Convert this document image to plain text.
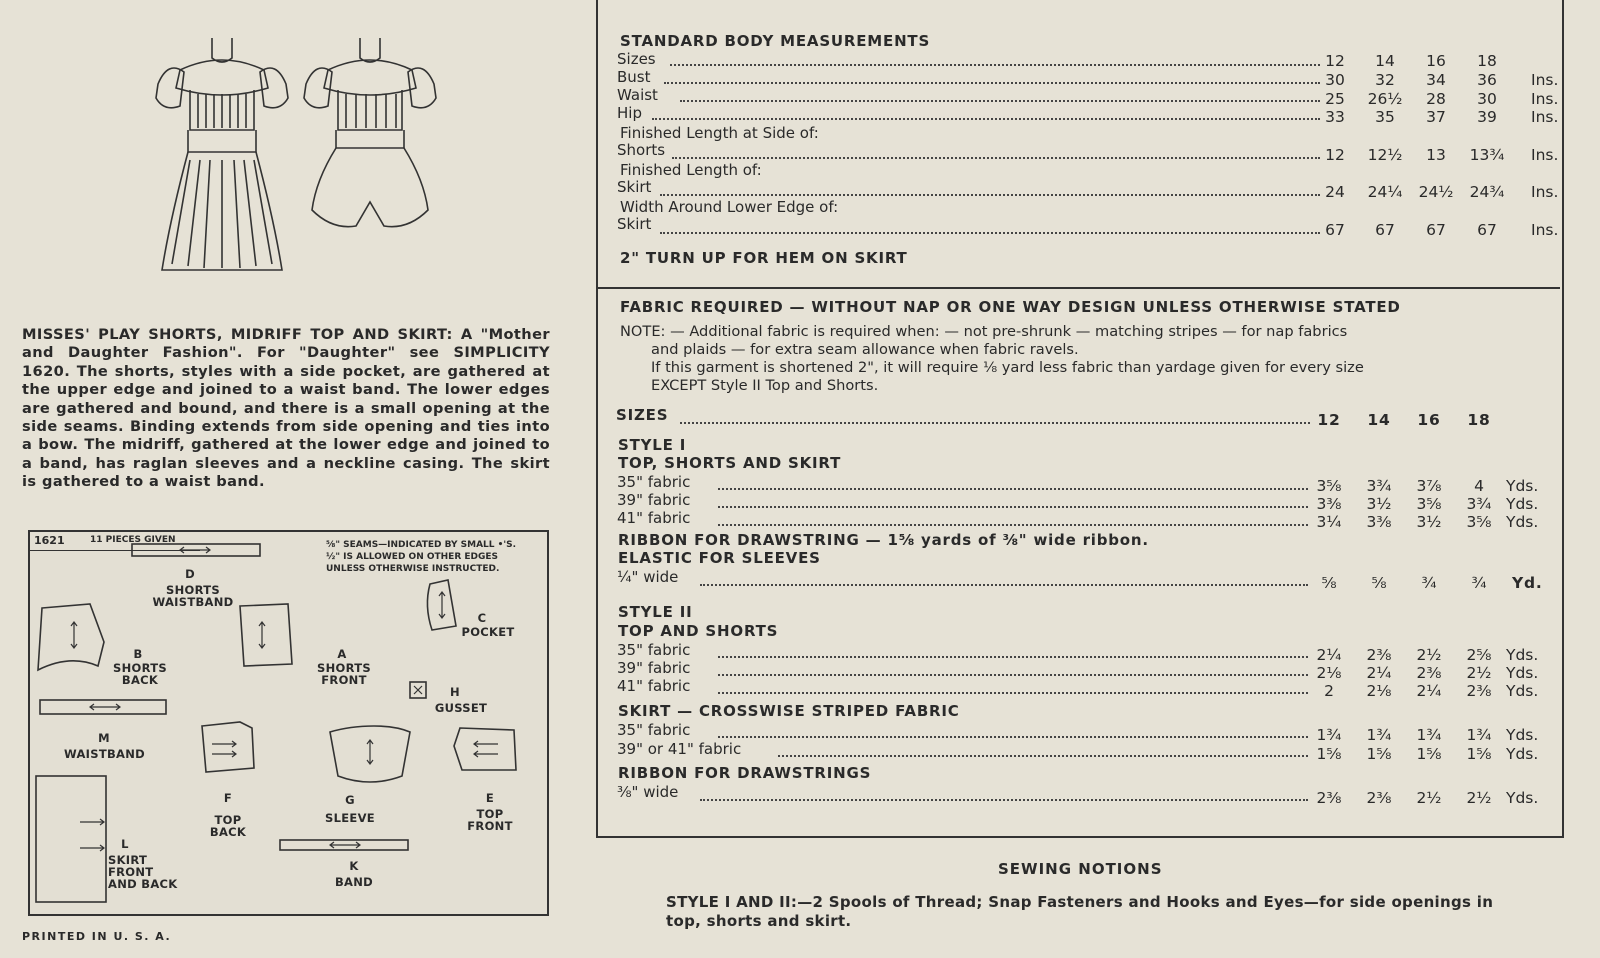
MISSES' PLAY SHORTS, MIDRIFF TOP AND SKIRT: A "Mother and Daughter Fashion". For "Daughter" see SIMPLICITY 1620. The shorts, styles with a side pocket, are gathered at the upper edge and joined to a waist band. The lower edges are gathered and bound, and there is a small opening at the side seams. Binding extends from side opening and ties into a bow. The midriff, gathered at the lower edge and joined to a band, has raglan sleeves and a neckline casing. The skirt is gathered to a waist band.
1621	11 PIECES GIVEN	⅝" SEAMS—INDICATED BY SMALL •'S.
½" IS ALLOWED ON OTHER EDGES
UNLESS OTHERWISE INSTRUCTED.
D
SHORTS WAISTBAND
C
POCKET
B
SHORTS BACK
A
SHORTS FRONT
H
GUSSET
M
WAISTBAND
F
TOP BACK
G
SLEEVE
E
TOP FRONT
K
BAND
L
SKIRT FRONT AND BACK
PRINTED IN U. S. A.
STANDARD BODY MEASUREMENTS
Sizes	12	14	16	18
Bust	30	32	34	36	Ins.
Waist	25	26½	28	30	Ins.
Hip	33	35	37	39	Ins.
Finished Length at Side of:
Shorts	12	12½	13	13¾	Ins.
Finished Length of:
Skirt	24	24¼	24½	24¾	Ins.
Width Around Lower Edge of:
Skirt	67	67	67	67	Ins.
2" TURN UP FOR HEM ON SKIRT
FABRIC REQUIRED — WITHOUT NAP OR ONE WAY DESIGN UNLESS OTHERWISE STATED
NOTE: — Additional fabric is required when: — not pre-shrunk — matching stripes — for nap fabrics
and plaids — for extra seam allowance when fabric ravels.
If this garment is shortened 2", it will require ⅛ yard less fabric than yardage given for every size
EXCEPT Style II Top and Shorts.
SIZES	12	14	16	18
STYLE I
TOP, SHORTS AND SKIRT
35" fabric	3⅝	3¾	3⅞	4	Yds.
39" fabric	3⅜	3½	3⅝	3¾ Yds.
41" fabric	3¼	3⅜	3½	3⅝ Yds.
RIBBON FOR DRAWSTRING — 1⅝ yards of ⅜" wide ribbon.
ELASTIC FOR SLEEVES
¼" wide	⅝	⅝	¾	¾	Yd.
STYLE II
TOP AND SHORTS
35" fabric	2¼	2⅜	2½	2⅝ Yds.
39" fabric	2⅛	2¼	2⅜	2½ Yds.
41" fabric	2	2⅛	2¼	2⅜ Yds.
SKIRT — CROSSWISE STRIPED FABRIC
35" fabric	1¾	1¾	1¾	1¾ Yds.
39" or 41" fabric	1⅝	1⅝	1⅝	1⅝ Yds.
RIBBON FOR DRAWSTRINGS
⅜" wide	2⅜	2⅜	2½	2½ Yds.
SEWING NOTIONS
STYLE I AND II:—2 Spools of Thread; Snap Fasteners and Hooks and Eyes—for side openings in top, shorts and skirt.
